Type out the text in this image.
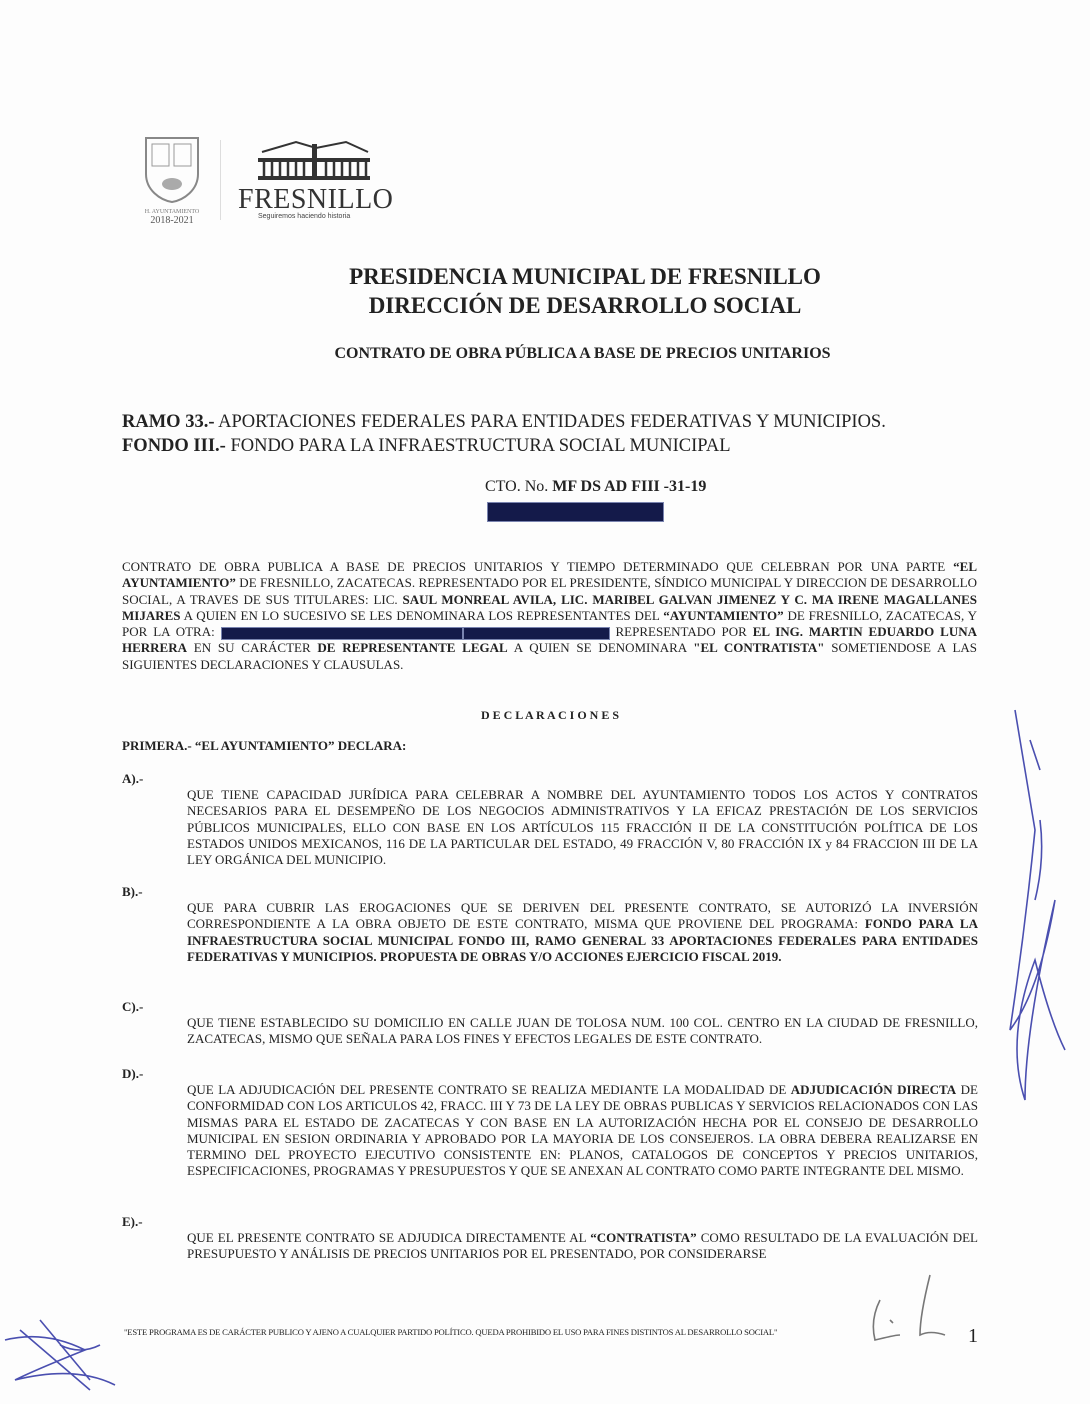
H. AYUNTAMIENTO
2018-2021
FRESNILLO
Seguiremos haciendo historia
PRESIDENCIA MUNICIPAL DE FRESNILLO
DIRECCIÓN DE DESARROLLO SOCIAL
CONTRATO DE OBRA PÚBLICA A BASE DE PRECIOS UNITARIOS
RAMO 33.- APORTACIONES FEDERALES PARA ENTIDADES FEDERATIVAS Y MUNICIPIOS.
FONDO III.- FONDO PARA LA INFRAESTRUCTURA SOCIAL MUNICIPAL
CTO. No. MF DS AD FIII -31-19
CONTRATO DE OBRA PUBLICA A BASE DE PRECIOS UNITARIOS Y TIEMPO DETERMINADO QUE CELEBRAN POR UNA PARTE “EL AYUNTAMIENTO” DE FRESNILLO, ZACATECAS. REPRESENTADO POR EL PRESIDENTE, SÍNDICO MUNICIPAL Y DIRECCION DE DESARROLLO SOCIAL, A TRAVES DE SUS TITULARES: LIC. SAUL MONREAL AVILA, LIC. MARIBEL GALVAN JIMENEZ Y C. MA IRENE MAGALLANES MIJARES A QUIEN EN LO SUCESIVO SE LES DENOMINARA LOS REPRESENTANTES DEL “AYUNTAMIENTO” DE FRESNILLO, ZACATECAS, Y POR LA OTRA:	REPRESENTADO POR EL ING. MARTIN EDUARDO LUNA HERRERA EN SU CARÁCTER DE REPRESENTANTE LEGAL A QUIEN SE DENOMINARA "EL CONTRATISTA" SOMETIENDOSE A LAS SIGUIENTES DECLARACIONES Y CLAUSULAS.
D E C L A R A C I O N E S
PRIMERA.- “EL AYUNTAMIENTO” DECLARA:
A).-
QUE TIENE CAPACIDAD JURÍDICA PARA CELEBRAR A NOMBRE DEL AYUNTAMIENTO TODOS LOS ACTOS Y CONTRATOS NECESARIOS PARA EL DESEMPEÑO DE LOS NEGOCIOS ADMINISTRATIVOS Y LA EFICAZ PRESTACIÓN DE LOS SERVICIOS PÚBLICOS MUNICIPALES, ELLO CON BASE EN LOS ARTÍCULOS 115 FRACCIÓN II DE LA CONSTITUCIÓN POLÍTICA DE LOS ESTADOS UNIDOS MEXICANOS, 116 DE LA PARTICULAR DEL ESTADO, 49 FRACCIÓN V, 80 FRACCIÓN IX y 84 FRACCION III DE LA LEY ORGÁNICA DEL MUNICIPIO.
B).-
QUE PARA CUBRIR LAS EROGACIONES QUE SE DERIVEN DEL PRESENTE CONTRATO, SE AUTORIZÓ LA INVERSIÓN CORRESPONDIENTE A LA OBRA OBJETO DE ESTE CONTRATO, MISMA QUE PROVIENE DEL PROGRAMA: FONDO PARA LA INFRAESTRUCTURA SOCIAL MUNICIPAL FONDO III, RAMO GENERAL 33 APORTACIONES FEDERALES PARA ENTIDADES FEDERATIVAS Y MUNICIPIOS. PROPUESTA DE OBRAS Y/O ACCIONES EJERCICIO FISCAL 2019.
C).-
QUE TIENE ESTABLECIDO SU DOMICILIO EN CALLE JUAN DE TOLOSA NUM. 100 COL. CENTRO EN LA CIUDAD DE FRESNILLO, ZACATECAS, MISMO QUE SEÑALA PARA LOS FINES Y EFECTOS LEGALES DE ESTE CONTRATO.
D).-
QUE LA ADJUDICACIÓN DEL PRESENTE CONTRATO SE REALIZA MEDIANTE LA MODALIDAD DE ADJUDICACIÓN DIRECTA DE CONFORMIDAD CON LOS ARTICULOS 42, FRACC. III Y 73 DE LA LEY DE OBRAS PUBLICAS Y SERVICIOS RELACIONADOS CON LAS MISMAS PARA EL ESTADO DE ZACATECAS Y CON BASE EN LA AUTORIZACIÓN HECHA POR EL CONSEJO DE DESARROLLO MUNICIPAL EN SESION ORDINARIA Y APROBADO POR LA MAYORIA DE LOS CONSEJEROS. LA OBRA DEBERA REALIZARSE EN TERMINO DEL PROYECTO EJECUTIVO CONSISTENTE EN: PLANOS, CATALOGOS DE CONCEPTOS Y PRECIOS UNITARIOS, ESPECIFICACIONES, PROGRAMAS Y PRESUPUESTOS Y QUE SE ANEXAN AL CONTRATO COMO PARTE INTEGRANTE DEL MISMO.
E).-
QUE EL PRESENTE CONTRATO SE ADJUDICA DIRECTAMENTE AL “CONTRATISTA” COMO RESULTADO DE LA EVALUACIÓN DEL PRESUPUESTO Y ANÁLISIS DE PRECIOS UNITARIOS POR EL PRESENTADO, POR CONSIDERARSE
"ESTE PROGRAMA ES DE CARÁCTER PUBLICO Y AJENO A CUALQUIER PARTIDO POLÍTICO. QUEDA PROHIBIDO EL USO PARA FINES DISTINTOS AL DESARROLLO SOCIAL"	1
